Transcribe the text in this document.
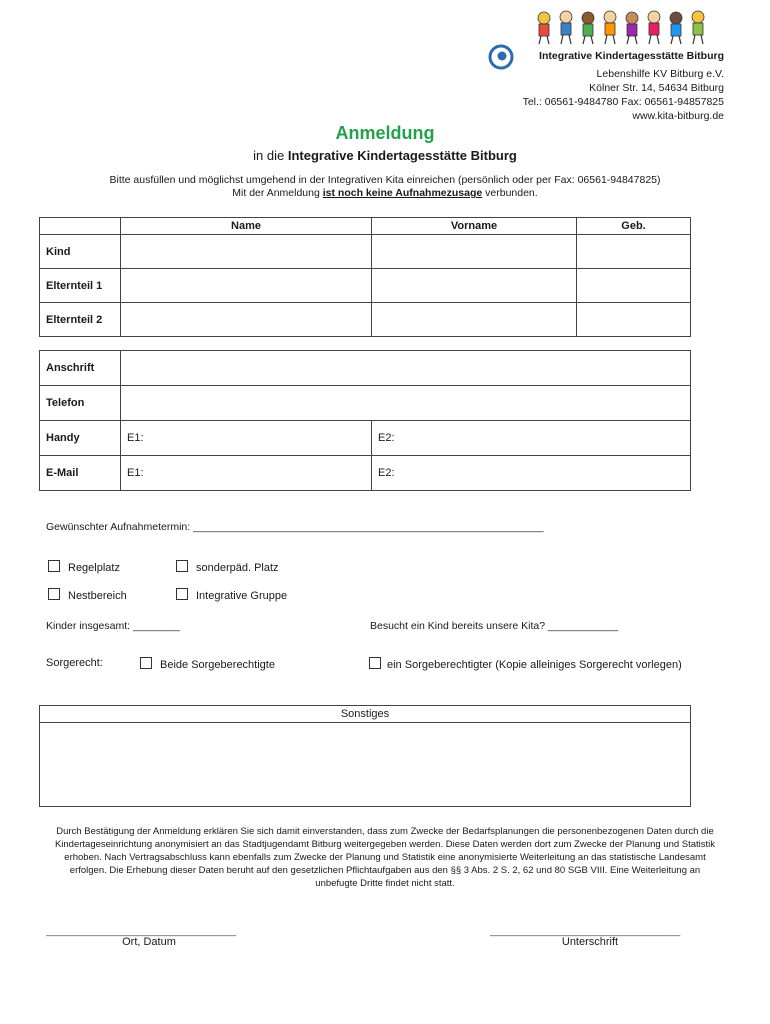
Integrative Kindertagesstätte Bitburg
Lebenshilfe KV Bitburg e.V.
Kölner Str. 14, 54634 Bitburg
Tel.: 06561-9484780 Fax: 06561-94857825
www.kita-bitburg.de
Anmeldung
in die Integrative Kindertagesstätte Bitburg
Bitte ausfüllen und möglichst umgehend in der Integrativen Kita einreichen (persönlich oder per Fax: 06561-94847825)
Mit der Anmeldung ist noch keine Aufnahmezusage verbunden.
	Name	Vorname	Geb.
Kind			
Elternteil 1			
Elternteil 2			
Anschrift		
Telefon		
Handy	E1:	E2:
E-Mail	E1:	E2:
Gewünschter Aufnahmetermin: ____________________________________________________________
Regelplatz	sonderpäd. Platz
Nestbereich	Integrative Gruppe
Kinder insgesamt: ________	Besucht ein Kind bereits unsere Kita? ____________
Sorgerecht:	Beide Sorgeberechtigte	ein Sorgeberechtigter (Kopie alleiniges Sorgerecht vorlegen)
Sonstiges
Durch Bestätigung der Anmeldung erklären Sie sich damit einverstanden, dass zum Zwecke der Bedarfsplanungen die personenbezogenen Daten durch die Kindertageseinrichtung anonymisiert an das Stadtjugendamt Bitburg weitergegeben werden. Diese Daten werden dort zum Zwecke der Planung und Statistik erhoben. Nach Vertragsabschluss kann ebenfalls zum Zwecke der Planung und Statistik eine anonymisierte Weiterleitung an das statistische Landesamt erfolgen. Die Erhebung dieser Daten beruht auf den gesetzlichen Pflichtaufgaben aus den §§ 3 Abs. 2 S. 2, 62 und 80 SGB VIII. Eine Weiterleitung an unbefugte Dritte findet nicht statt.
______________________________________
Ort, Datum
______________________________________
Unterschrift
